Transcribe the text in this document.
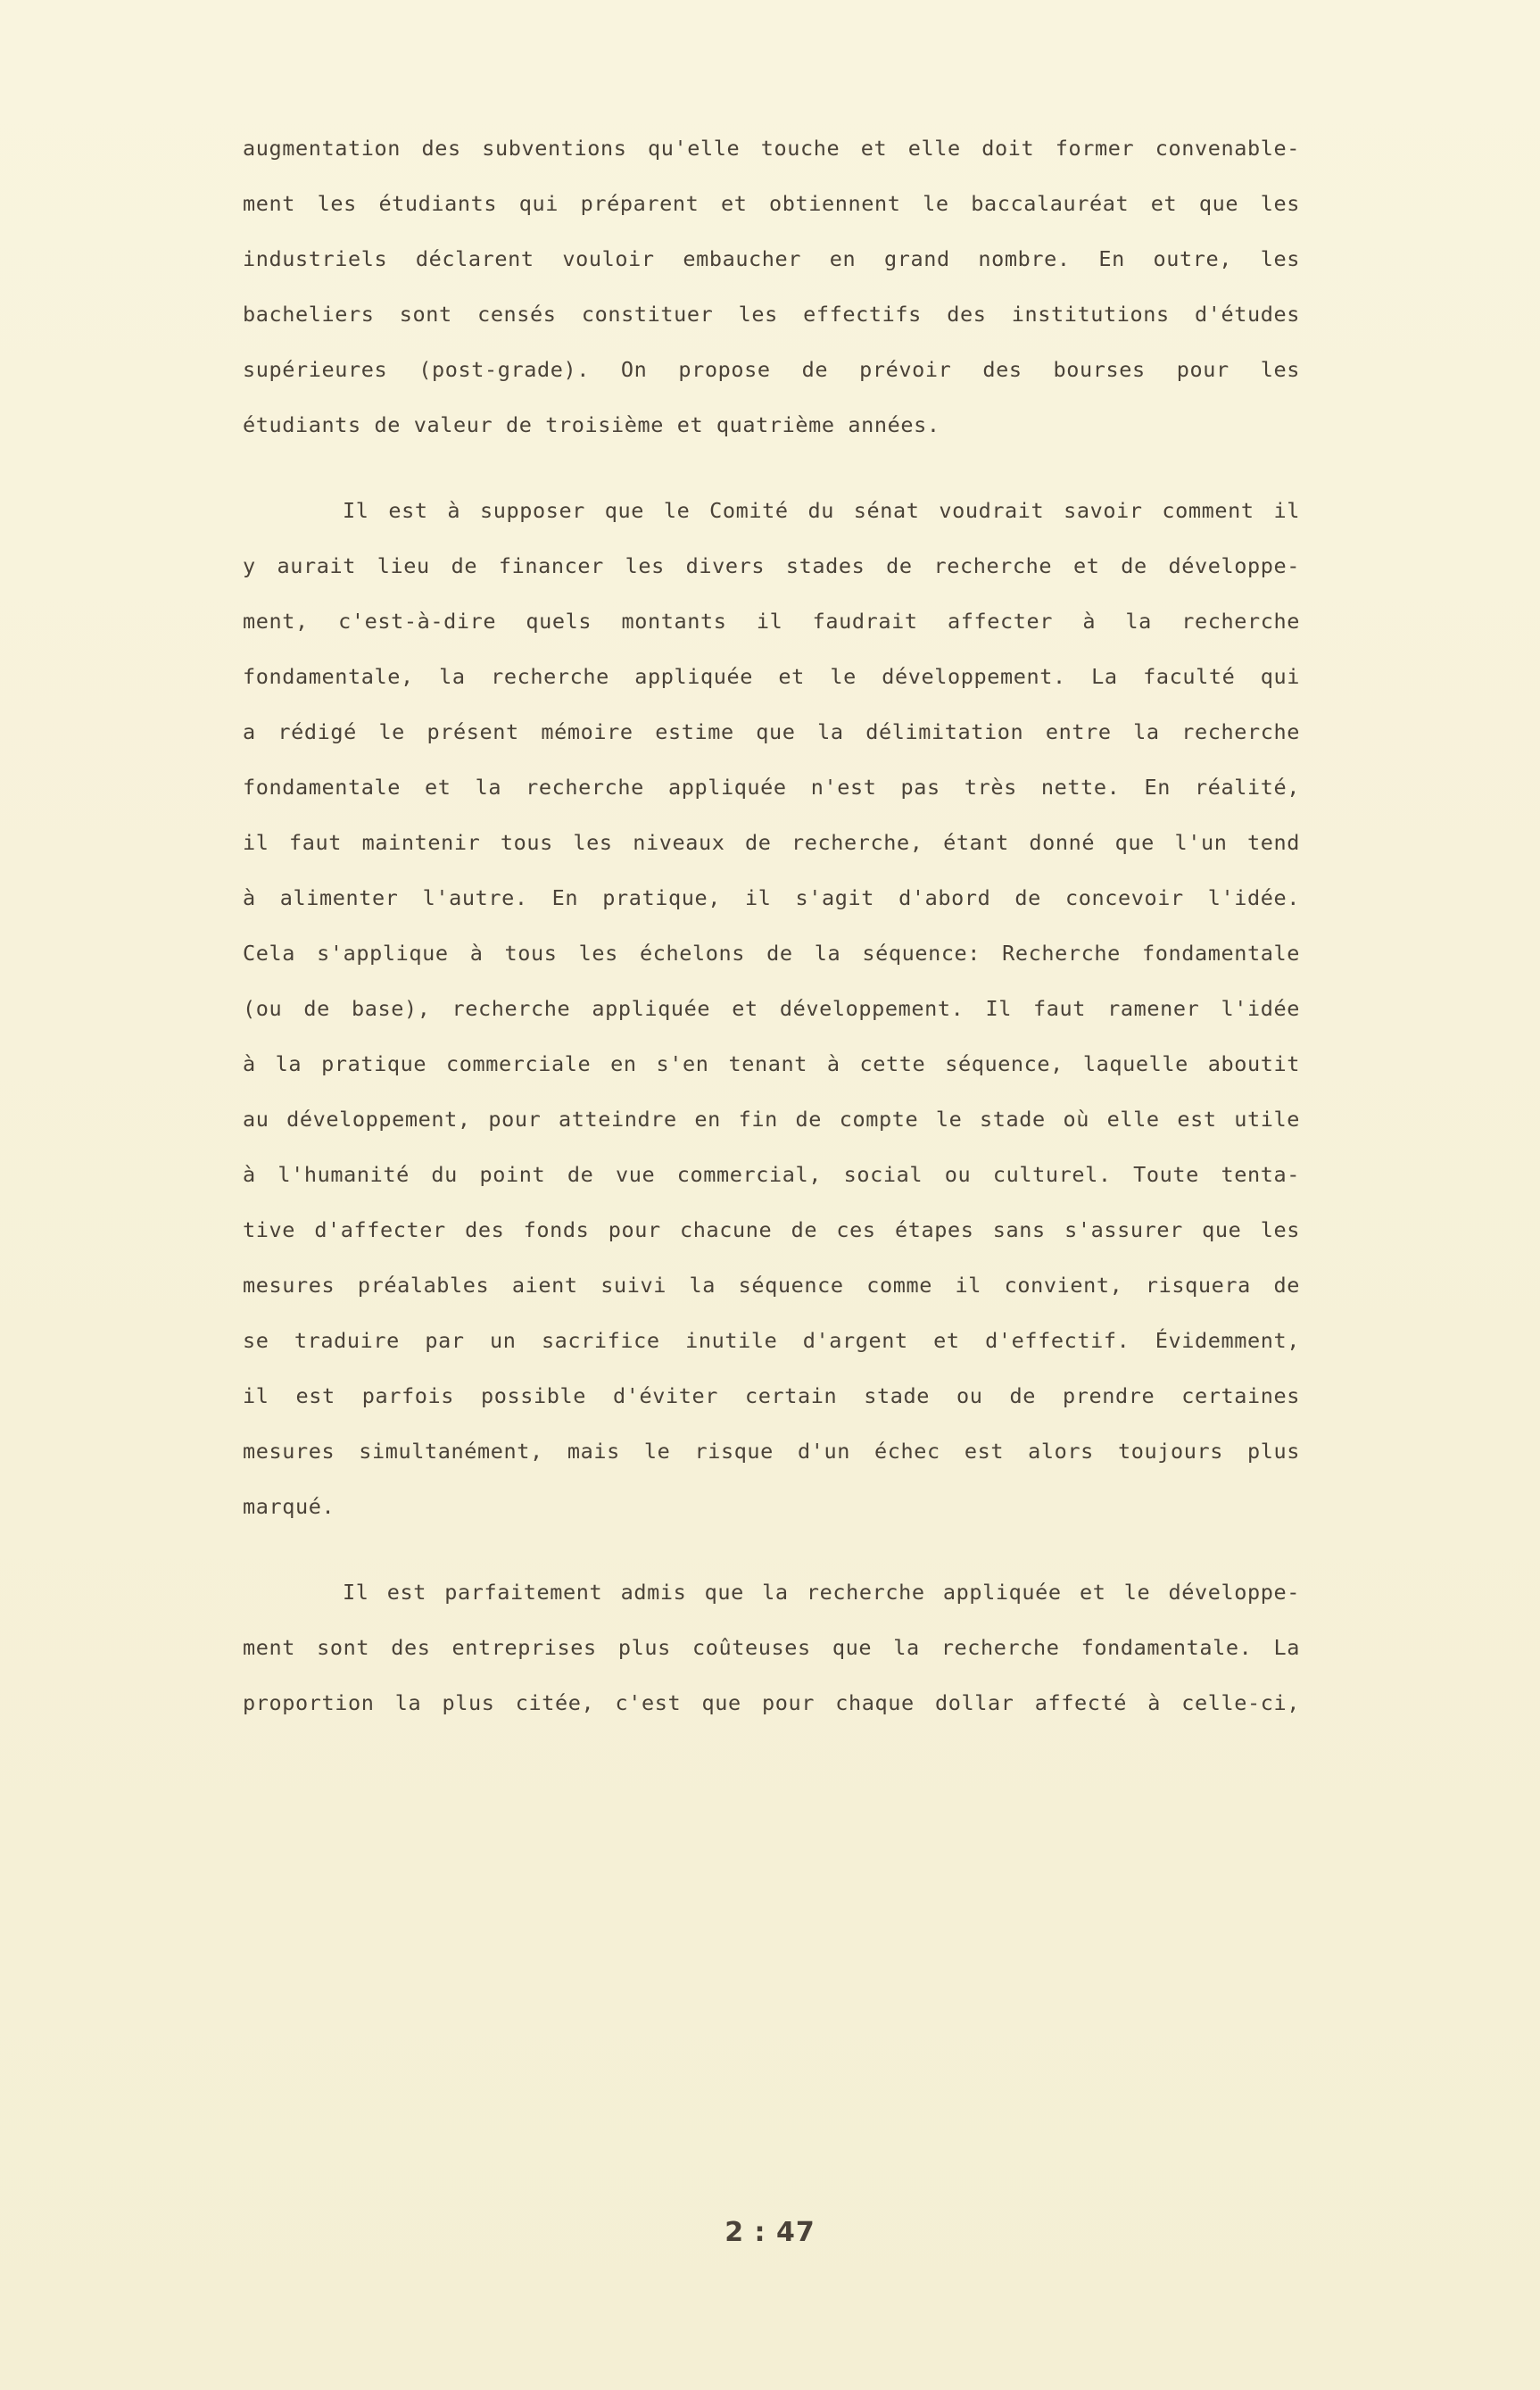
augmentation des subventions qu'elle touche et elle doit former convenable-
ment les étudiants qui préparent et obtiennent le baccalauréat et que les
industriels déclarent vouloir embaucher en grand nombre. En outre, les
bacheliers sont censés constituer les effectifs des institutions d'études
supérieures (post-grade). On propose de prévoir des bourses pour les
étudiants de valeur de troisième et quatrième années.
Il est à supposer que le Comité du sénat voudrait savoir comment il
y aurait lieu de financer les divers stades de recherche et de développe-
ment, c'est-à-dire quels montants il faudrait affecter à la recherche
fondamentale, la recherche appliquée et le développement. La faculté qui
a rédigé le présent mémoire estime que la délimitation entre la recherche
fondamentale et la recherche appliquée n'est pas très nette. En réalité,
il faut maintenir tous les niveaux de recherche, étant donné que l'un tend
à alimenter l'autre. En pratique, il s'agit d'abord de concevoir l'idée.
Cela s'applique à tous les échelons de la séquence: Recherche fondamentale
(ou de base), recherche appliquée et développement. Il faut ramener l'idée
à la pratique commerciale en s'en tenant à cette séquence, laquelle aboutit
au développement, pour atteindre en fin de compte le stade où elle est utile
à l'humanité du point de vue commercial, social ou culturel. Toute tenta-
tive d'affecter des fonds pour chacune de ces étapes sans s'assurer que les
mesures préalables aient suivi la séquence comme il convient, risquera de
se traduire par un sacrifice inutile d'argent et d'effectif. Évidemment,
il est parfois possible d'éviter certain stade ou de prendre certaines
mesures simultanément, mais le risque d'un échec est alors toujours plus
marqué.
Il est parfaitement admis que la recherche appliquée et le développe-
ment sont des entreprises plus coûteuses que la recherche fondamentale. La
proportion la plus citée, c'est que pour chaque dollar affecté à celle-ci,
2 : 47
